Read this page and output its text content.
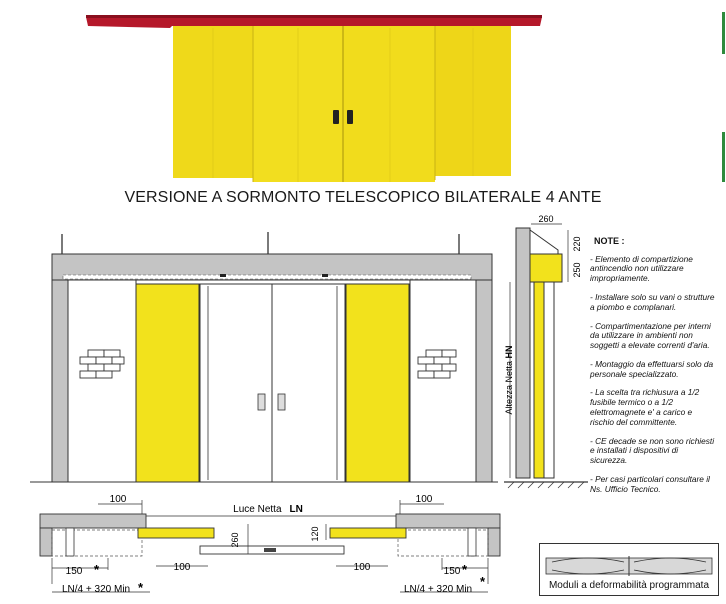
VERSIONE A SORMONTO TELESCOPICO BILATERALE 4 ANTE
260
220
250
Altezza Netta HN
NOTE :
- Elemento di compartizione antincendio non utilizzare impropriamente.
- Installare solo su vani o strutture a piombo e complanari.
- Compartimentazione per interni da utilizzare in ambienti non soggetti a elevate correnti d'aria.
- Montaggio da effettuarsi solo da personale specializzato.
- La scelta tra richiusura a 1/2 fusibile termico o a 1/2 elettromagnete e' a carico e rischio del committente.
- CE decade se non sono richiesti e installati i dispositivi di sicurezza.
- Per casi particolari consultare il Ns. Ufficio Tecnico.
100	100
Luce Netta LN
260	120
150 *	100	100	150 *
LN/4 + 320 Min *	LN/4 + 320 Min
*	Moduli a deformabilità programmata
